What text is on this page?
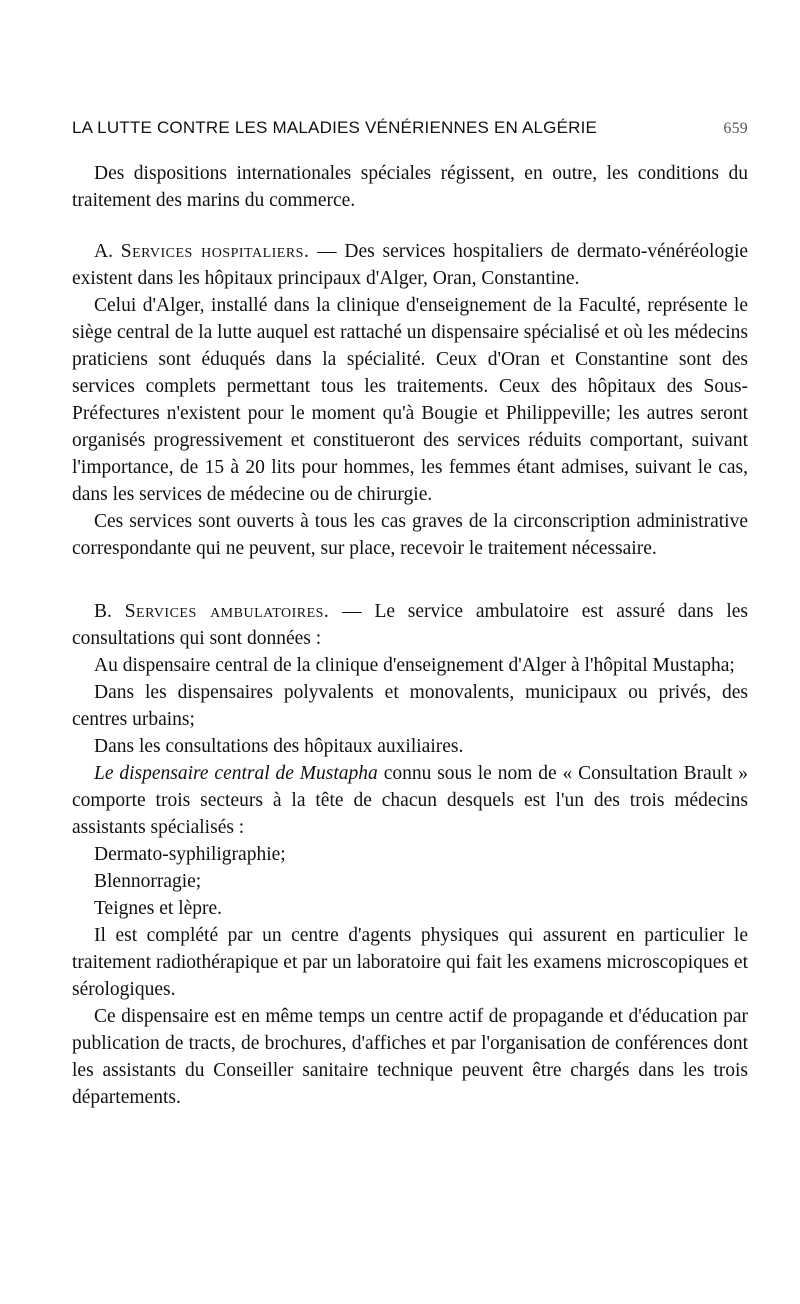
LA LUTTE CONTRE LES MALADIES VÉNÉRIENNES EN ALGÉRIE	659

Des dispositions internationales spéciales régissent, en outre, les conditions du traitement des marins du commerce.

A. Services hospitaliers. — Des services hospitaliers de dermato-vénéréologie existent dans les hôpitaux principaux d'Alger, Oran, Constantine.

Celui d'Alger, installé dans la clinique d'enseignement de la Faculté, représente le siège central de la lutte auquel est rattaché un dispensaire spécialisé et où les médecins praticiens sont éduqués dans la spécialité. Ceux d'Oran et Constantine sont des services complets permettant tous les traitements. Ceux des hôpitaux des Sous-Préfectures n'existent pour le moment qu'à Bougie et Philippeville; les autres seront organisés progressivement et constitueront des services réduits comportant, suivant l'importance, de 15 à 20 lits pour hommes, les femmes étant admises, suivant le cas, dans les services de médecine ou de chirurgie.

Ces services sont ouverts à tous les cas graves de la circonscription administrative correspondante qui ne peuvent, sur place, recevoir le traitement nécessaire.

B. Services ambulatoires. — Le service ambulatoire est assuré dans les consultations qui sont données :

Au dispensaire central de la clinique d'enseignement d'Alger à l'hôpital Mustapha;

Dans les dispensaires polyvalents et monovalents, municipaux ou privés, des centres urbains;

Dans les consultations des hôpitaux auxiliaires.

Le dispensaire central de Mustapha connu sous le nom de « Consultation Brault » comporte trois secteurs à la tête de chacun desquels est l'un des trois médecins assistants spécialisés :

Dermato-syphiligraphie;

Blennorragie;

Teignes et lèpre.

Il est complété par un centre d'agents physiques qui assurent en particulier le traitement radiothérapique et par un laboratoire qui fait les examens microscopiques et sérologiques.

Ce dispensaire est en même temps un centre actif de propagande et d'éducation par publication de tracts, de brochures, d'affiches et par l'organisation de conférences dont les assistants du Conseiller sanitaire technique peuvent être chargés dans les trois départements.
